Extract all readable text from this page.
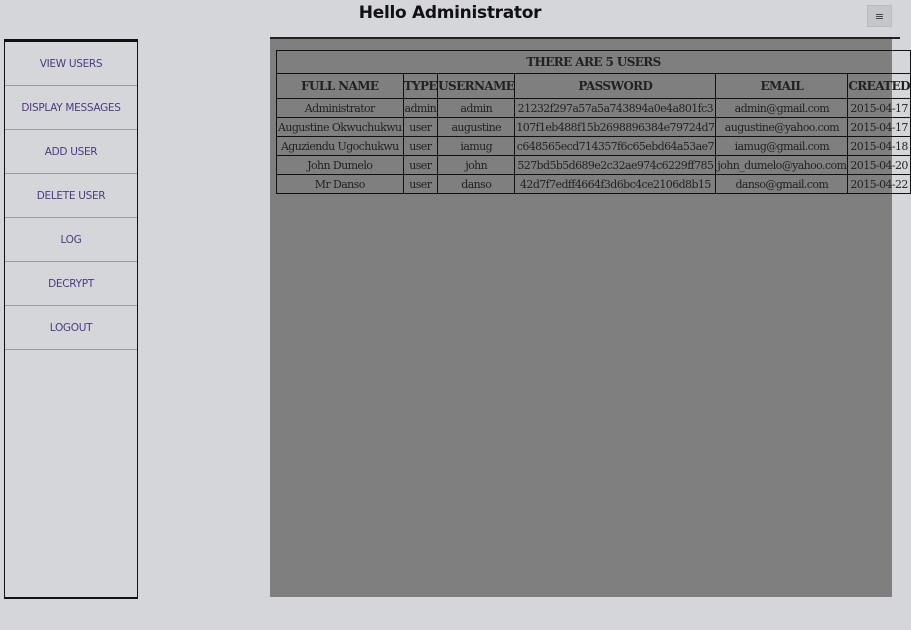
Hello Administrator	≡
VIEW USERS
DISPLAY MESSAGES
ADD USER
DELETE USER
LOG
DECRYPT
LOGOUT
THERE ARE 5 USERS
FULL NAME	TYPE	USERNAME	PASSWORD	EMAIL	CREATED
Administrator	admin	admin	21232f297a57a5a743894a0e4a801fc3	admin@gmail.com	2015-04-17
Augustine Okwuchukwu	user	augustine	107f1eb488f15b2698896384e79724d7	augustine@yahoo.com	2015-04-17
Aguziendu Ugochukwu	user	iamug	c648565ecd714357f6c65ebd64a53ae7	iamug@gmail.com	2015-04-18
John Dumelo	user	john	527bd5b5d689e2c32ae974c6229ff785	john_dumelo@yahoo.com	2015-04-20
Mr Danso	user	danso	42d7f7edff4664f3d6bc4ce2106d8b15	danso@gmail.com	2015-04-22
